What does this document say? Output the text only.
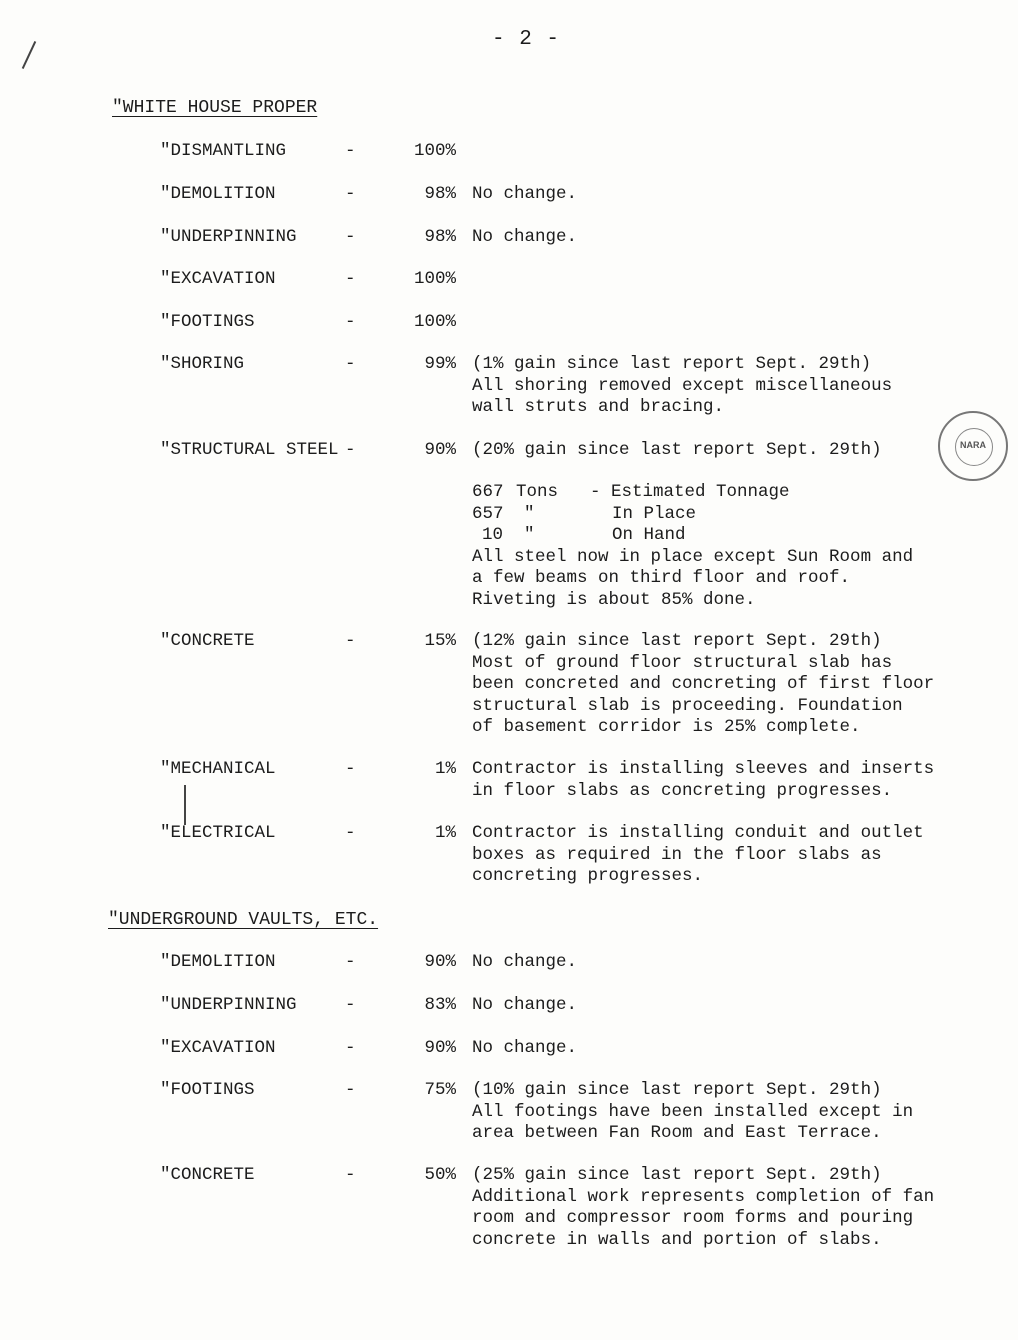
- 2 -
"WHITE HOUSE PROPER
"DISMANTLING	-	100%
"DEMOLITION	-	98% No change.
"UNDERPINNING	-	98% No change.
"EXCAVATION	-	100%
"FOOTINGS	-	100%
"SHORING	-	99% (1% gain since last report Sept. 29th)
All shoring removed except miscellaneous
wall struts and bracing.
"STRUCTURAL STEEL -	90% (20% gain since last report Sept. 29th)
667 Tons - Estimated Tonnage
657 "	In Place
10 "	On Hand
All steel now in place except Sun Room and
a few beams on third floor and roof.
Riveting is about 85% done.
"CONCRETE	-	15% (12% gain since last report Sept. 29th)
Most of ground floor structural slab has
been concreted and concreting of first floor
structural slab is proceeding. Foundation
of basement corridor is 25% complete.
"MECHANICAL	-	1% Contractor is installing sleeves and inserts
in floor slabs as concreting progresses.
"ELECTRICAL	-	1% Contractor is installing conduit and outlet
boxes as required in the floor slabs as
concreting progresses.
"UNDERGROUND VAULTS, ETC.
"DEMOLITION	-	90% No change.
"UNDERPINNING	-	83% No change.
"EXCAVATION	-	90% No change.
"FOOTINGS	-	75% (10% gain since last report Sept. 29th)
All footings have been installed except in
area between Fan Room and East Terrace.
"CONCRETE	-	50% (25% gain since last report Sept. 29th)
Additional work represents completion of fan
room and compressor room forms and pouring
concrete in walls and portion of slabs.
NARA
